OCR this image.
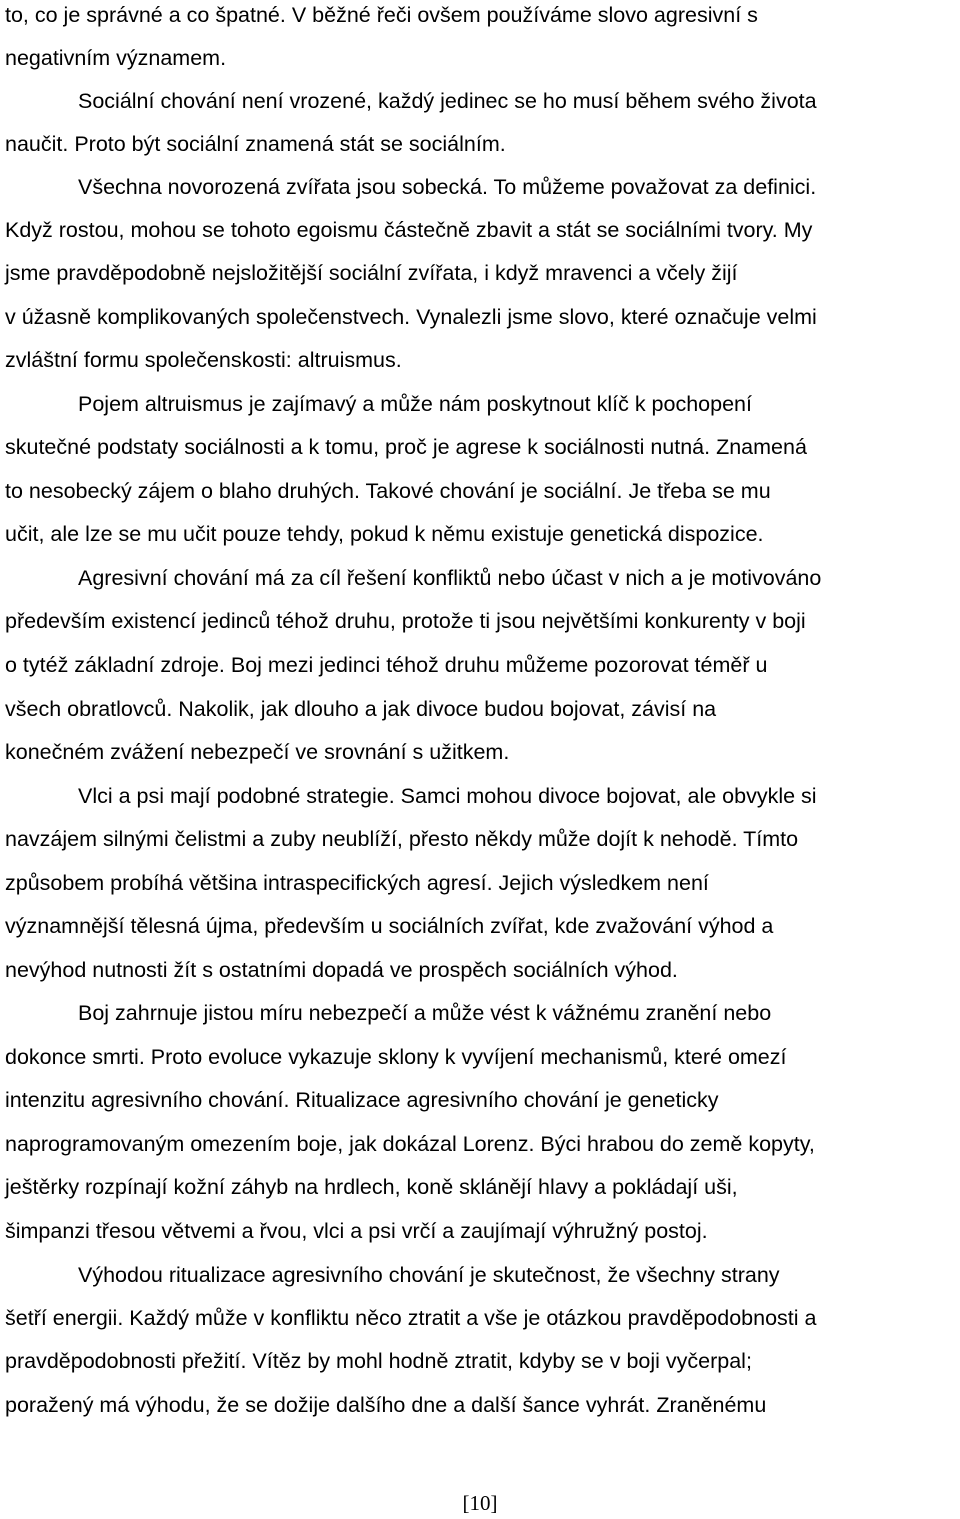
to, co je správné a co špatné. V běžné řeči ovšem používáme slovo agresivní s
negativním významem.
Sociální chování není vrozené, každý jedinec se ho musí během svého života
naučit. Proto být sociální znamená stát se sociálním.
Všechna novorozená zvířata jsou sobecká. To můžeme považovat za definici.
Když rostou, mohou se tohoto egoismu částečně zbavit a stát se sociálními tvory. My
jsme pravděpodobně nejsložitější sociální zvířata, i když mravenci a včely žijí
v úžasně komplikovaných společenstvech. Vynalezli jsme slovo, které označuje velmi
zvláštní formu společenskosti: altruismus.
Pojem altruismus je zajímavý a může nám poskytnout klíč k pochopení
skutečné podstaty sociálnosti a k tomu, proč je agrese k sociálnosti nutná. Znamená
to nesobecký zájem o blaho druhých. Takové chování je sociální. Je třeba se mu
učit, ale lze se mu učit pouze tehdy, pokud k němu existuje genetická dispozice.
Agresivní chování má za cíl řešení konfliktů nebo účast v nich a je motivováno
především existencí jedinců téhož druhu, protože ti jsou největšími konkurenty v boji
o tytéž základní zdroje. Boj mezi jedinci téhož druhu můžeme pozorovat téměř u
všech obratlovců. Nakolik, jak dlouho a jak divoce budou bojovat, závisí na
konečném zvážení nebezpečí ve srovnání s užitkem.
Vlci a psi mají podobné strategie. Samci mohou divoce bojovat, ale obvykle si
navzájem silnými čelistmi a zuby neublíží, přesto někdy může dojít k nehodě. Tímto
způsobem probíhá většina intraspecifických agresí. Jejich výsledkem není
významnější tělesná újma, především u sociálních zvířat, kde zvažování výhod a
nevýhod nutnosti žít s ostatními dopadá ve prospěch sociálních výhod.
Boj zahrnuje jistou míru nebezpečí a může vést k vážnému zranění nebo
dokonce smrti. Proto evoluce vykazuje sklony k vyvíjení mechanismů, které omezí
intenzitu agresivního chování. Ritualizace agresivního chování je geneticky
naprogramovaným omezením boje, jak dokázal Lorenz. Býci hrabou do země kopyty,
ještěrky rozpínají kožní záhyb na hrdlech, koně sklánějí hlavy a pokládají uši,
šimpanzi třesou větvemi a řvou, vlci a psi vrčí a zaujímají výhružný postoj.
Výhodou ritualizace agresivního chování je skutečnost, že všechny strany
šetří energii. Každý může v konfliktu něco ztratit a vše je otázkou pravděpodobnosti a
pravděpodobnosti přežití. Vítěz by mohl hodně ztratit, kdyby se v boji vyčerpal;
poražený má výhodu, že se dožije dalšího dne a další šance vyhrát. Zraněnému
[10]
